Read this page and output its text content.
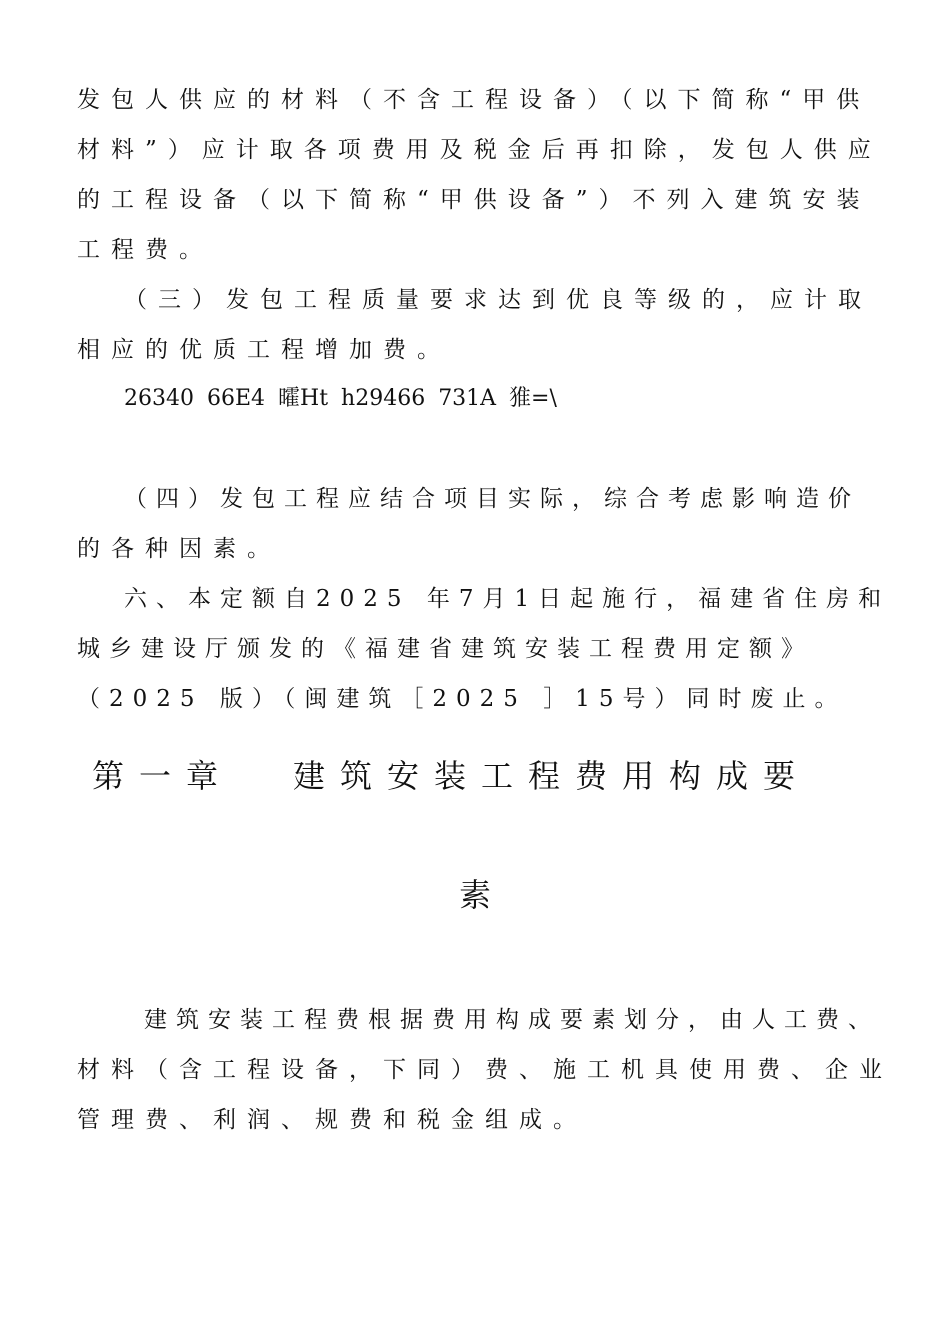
发包人供应的材料（不含工程设备）（以下简称“甲供
材料”）应计取各项费用及税金后再扣除，发包人供应
的工程设备（以下简称“甲供设备”）不列入建筑安装
工程费。
（三）发包工程质量要求达到优良等级的，应计取
相应的优质工程增加费。
26340 66E4 曤Ht h29466 731A 猚=\
（四）发包工程应结合项目实际，综合考虑影响造价
的各种因素。
六、本定额自2025 年7月1日起施行，福建省住房和
城乡建设厅颁发的《福建省建筑安装工程费用定额》
（2025 版）（闽建筑［2025 ］15号）同时废止。
第一章 建筑安装工程费用构成要
素
建筑安装工程费根据费用构成要素划分，由人工费、
材料（含工程设备，下同）费、施工机具使用费、企业
管理费、利润、规费和税金组成。
